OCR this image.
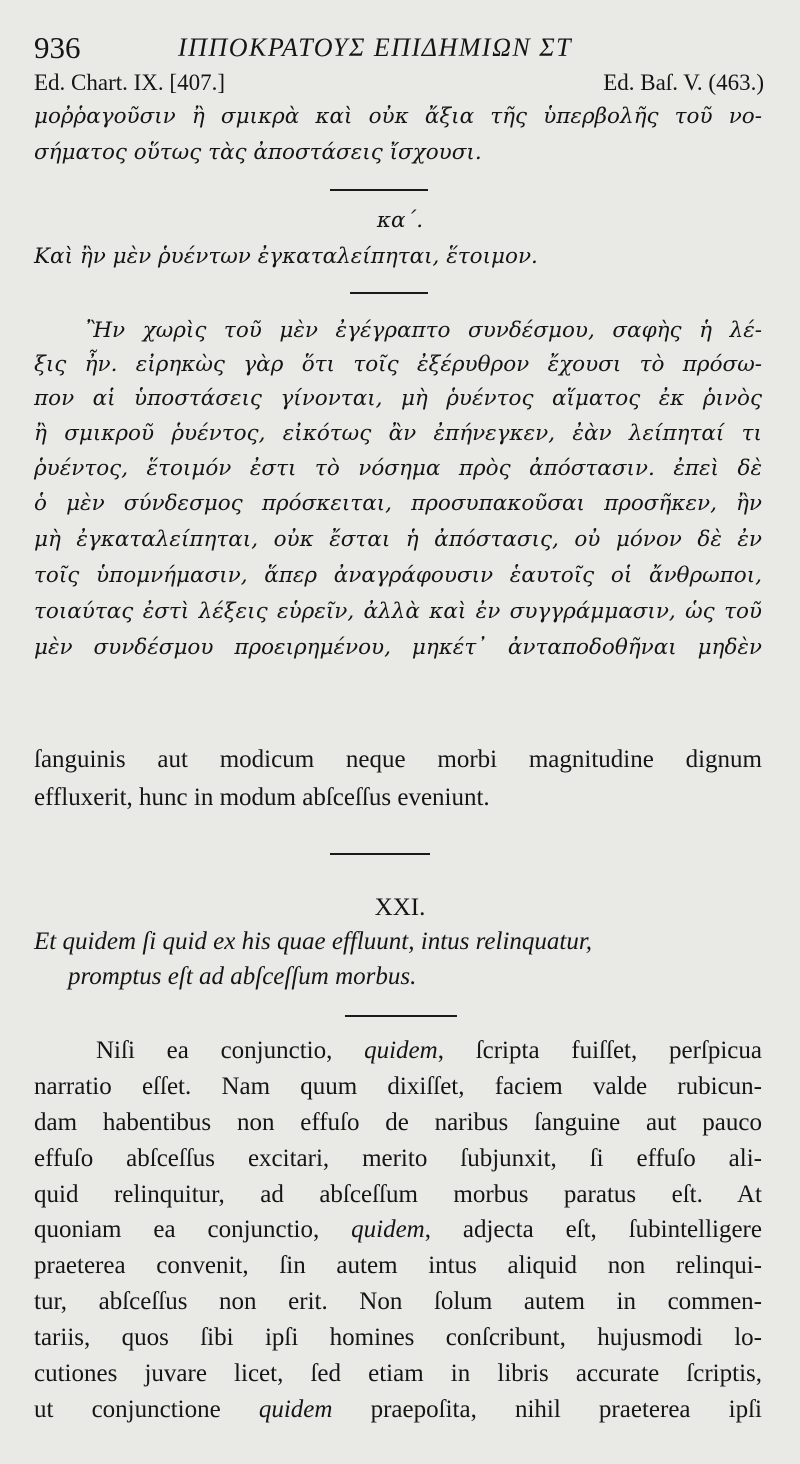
936	ΙΠΠΟΚΡΑΤΟΥΣ ΕΠΙΔΗΜΙΩΝ ΣΤ
Ed. Chart. IX. [407.]	Ed. Baſ. V. (463.)
μοῤῥαγοῦσιν ἢ σμικρὰ καὶ οὐκ ἄξια τῆς ὑπερβολῆς τοῦ νο-
σήματος οὕτως τὰς ἀποστάσεις ἴσχουσι.
κα΄.
Καὶ ἢν μὲν ῥυέντων ἐγκαταλείπηται, ἕτοιμον.
Ἢν χωρὶς τοῦ μὲν ἐγέγραπτο συνδέσμου, σαφὴς ἡ λέ-
ξις ἦν. εἰρηκὼς γὰρ ὅτι τοῖς ἐξέρυθρον ἔχουσι τὸ πρόσω-
πον αἱ ὑποστάσεις γίνονται, μὴ ῥυέντος αἵματος ἐκ ῥινὸς
ἢ σμικροῦ ῥυέντος, εἰκότως ἂν ἐπήνεγκεν, ἐὰν λείπηταί τι
ῥυέντος, ἕτοιμόν ἐστι τὸ νόσημα πρὸς ἀπόστασιν. ἐπεὶ δὲ
ὁ μὲν σύνδεσμος πρόσκειται, προσυπακοῦσαι προσῆκεν, ἢν
μὴ ἐγκαταλείπηται, οὐκ ἔσται ἡ ἀπόστασις, οὐ μόνον δὲ ἐν
τοῖς ὑπομνήμασιν, ἅπερ ἀναγράφουσιν ἑαυτοῖς οἱ ἄνθρωποι,
τοιαύτας ἐστὶ λέξεις εὑρεῖν, ἀλλὰ καὶ ἐν συγγράμμασιν, ὡς τοῦ
μὲν συνδέσμου προειρημένου, μηκέτ᾽ ἀνταποδοθῆναι μηδὲν
ſanguinis aut modicum neque morbi magnitudine dignum
effluxerit, hunc in modum abſceſſus eveniunt.
XXI.
Et quidem ſi quid ex his quae effluunt, intus relinquatur,
promptus eſt ad abſceſſum morbus.
Niſi ea conjunctio, quidem, ſcripta fuiſſet, perſpicua
narratio eſſet. Nam quum dixiſſet, faciem valde rubicun-
dam habentibus non effuſo de naribus ſanguine aut pauco
effuſo abſceſſus excitari, merito ſubjunxit, ſi effuſo ali-
quid relinquitur, ad abſceſſum morbus paratus eſt. At
quoniam ea conjunctio, quidem, adjecta eſt, ſubintelligere
praeterea convenit, ſin autem intus aliquid non relinqui-
tur, abſceſſus non erit. Non ſolum autem in commen-
tariis, quos ſibi ipſi homines conſcribunt, hujusmodi lo-
cutiones juvare licet, ſed etiam in libris accurate ſcriptis,
ut conjunctione quidem praepoſita, nihil praeterea ipſi
